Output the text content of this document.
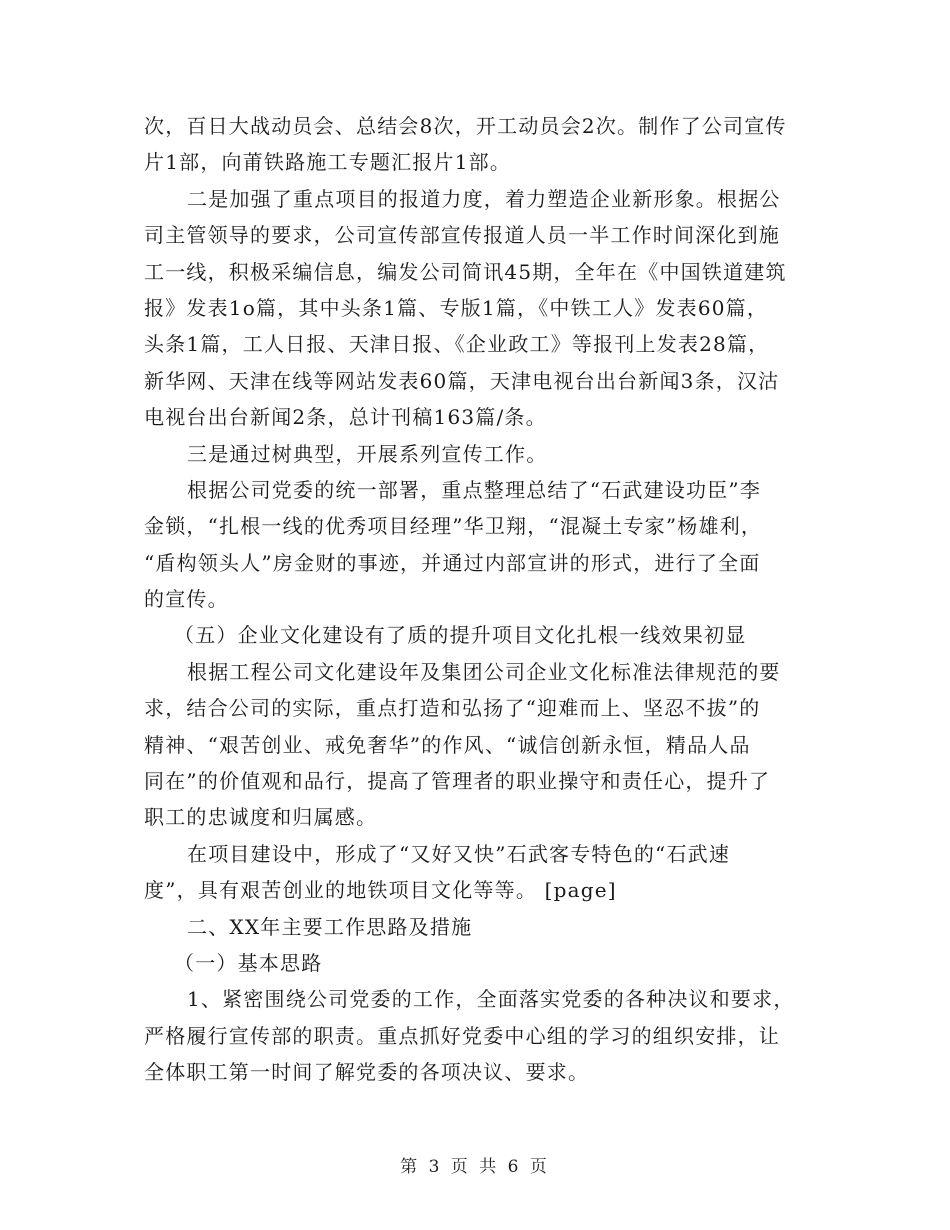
次，百日大战动员会、总结会8次，开工动员会2次。制作了公司宣传
片1部，向莆铁路施工专题汇报片1部。
二是加强了重点项目的报道力度，着力塑造企业新形象。根据公
司主管领导的要求，公司宣传部宣传报道人员一半工作时间深化到施
工一线，积极采编信息，编发公司简讯45期，全年在《中国铁道建筑
报》发表1o篇，其中头条1篇、专版1篇，《中铁工人》发表60篇，
头条1篇，工人日报、天津日报、《企业政工》等报刊上发表28篇，
新华网、天津在线等网站发表60篇，天津电视台出台新闻3条，汉沽
电视台出台新闻2条，总计刊稿163篇/条。
三是通过树典型，开展系列宣传工作。
根据公司党委的统一部署，重点整理总结了“石武建设功臣”李
金锁，“扎根一线的优秀项目经理”华卫翔，“混凝土专家”杨雄利，
“盾构领头人”房金财的事迹，并通过内部宣讲的形式，进行了全面
的宣传。
（五）企业文化建设有了质的提升项目文化扎根一线效果初显
根据工程公司文化建设年及集团公司企业文化标准法律规范的要
求，结合公司的实际，重点打造和弘扬了“迎难而上、坚忍不拔”的
精神、“艰苦创业、戒免奢华”的作风、“诚信创新永恒，精品人品
同在”的价值观和品行，提高了管理者的职业操守和责任心，提升了
职工的忠诚度和归属感。
在项目建设中，形成了“又好又快”石武客专特色的“石武速
度”，具有艰苦创业的地铁项目文化等等。 [page]
二、XX年主要工作思路及措施
（一）基本思路
1、紧密围绕公司党委的工作，全面落实党委的各种决议和要求，
严格履行宣传部的职责。重点抓好党委中心组的学习的组织安排，让
全体职工第一时间了解党委的各项决议、要求。
第 3 页 共 6 页
